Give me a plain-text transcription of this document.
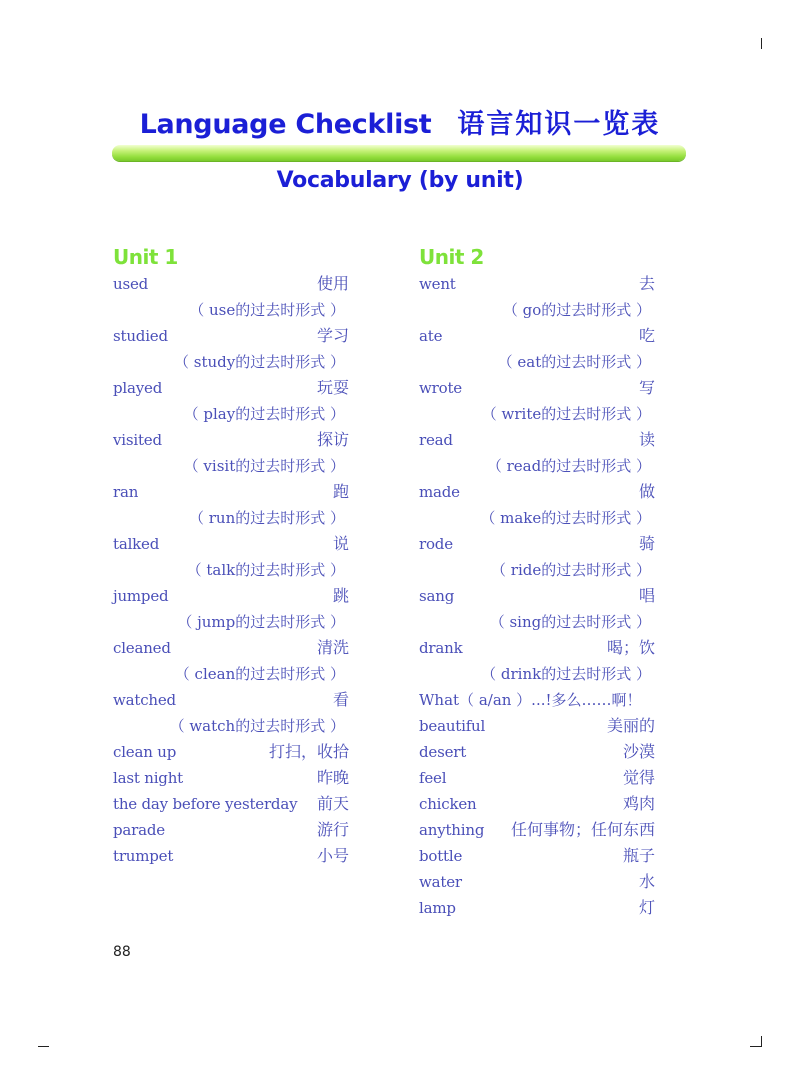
Language Checklist 语言知识一览表
Vocabulary (by unit)
Unit 1
used	使用
（ use的过去时形式 ）
studied	学习
（ study的过去时形式 ）
played	玩耍
（ play的过去时形式 ）
visited	探访
（ visit的过去时形式 ）
ran	跑
（ run的过去时形式 ）
talked	说
（ talk的过去时形式 ）
jumped	跳
（ jump的过去时形式 ）
cleaned	清洗
（ clean的过去时形式 ）
watched	看
（ watch的过去时形式 ）
clean up	打扫，收拾
last night	昨晚
the day before yesterday 前天
parade	游行
trumpet	小号
Unit 2
went	去
（ go的过去时形式 ）
ate	吃
（ eat的过去时形式 ）
wrote	写
（ write的过去时形式 ）
read	读
（ read的过去时形式 ）
made	做
（ make的过去时形式 ）
rode	骑
（ ride的过去时形式 ）
sang	唱
（ sing的过去时形式 ）
drank	喝；饮
（ drink的过去时形式 ）
What（ a/an ）...!多么……啊！
beautiful	美丽的
desert	沙漠
feel	觉得
chicken	鸡肉
anything 任何事物；任何东西
bottle	瓶子
water	水
lamp	灯
88
